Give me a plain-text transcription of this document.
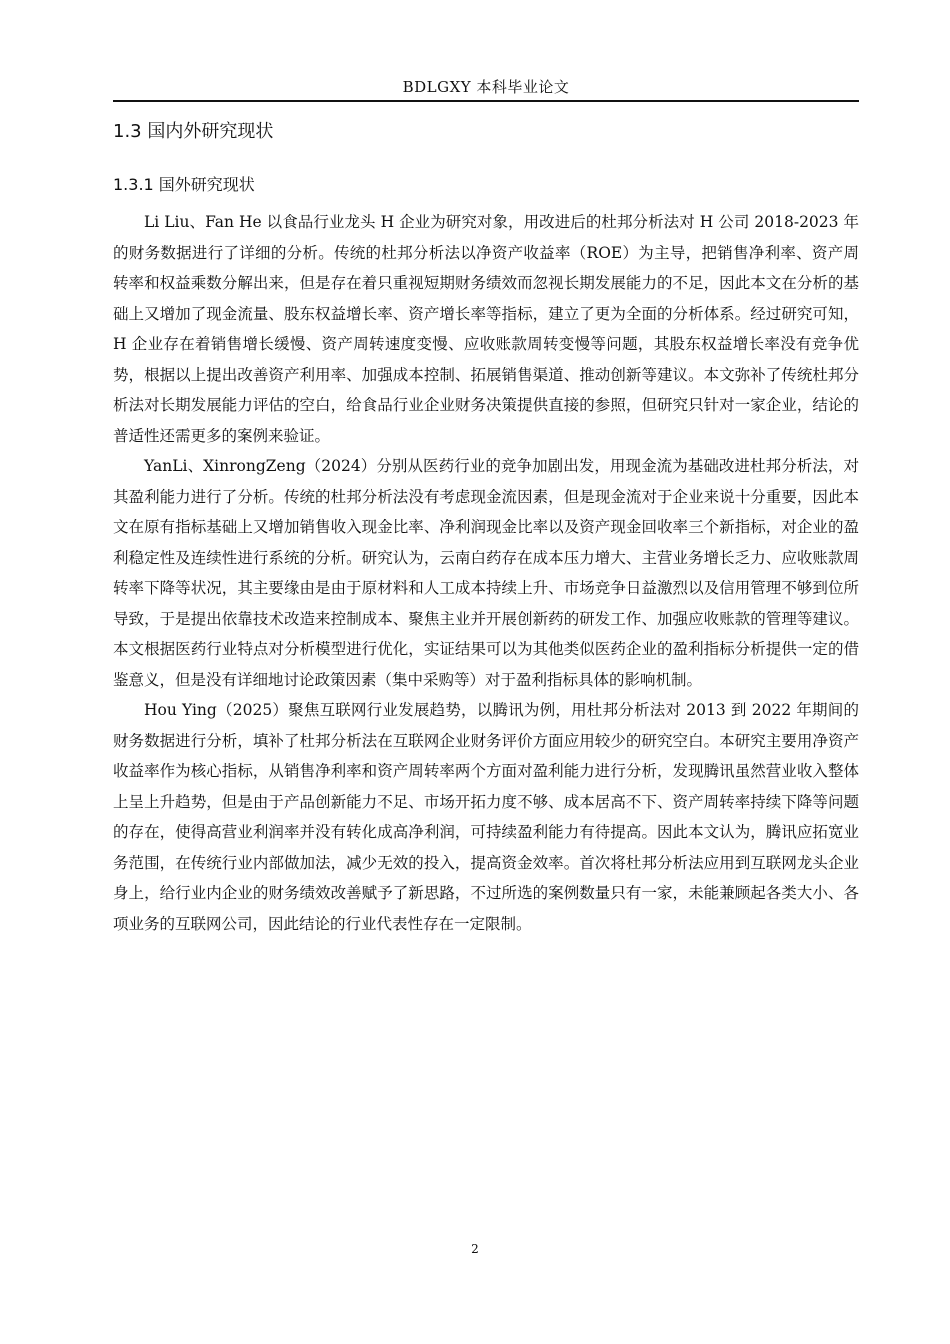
BDLGXY 本科毕业论文
1.3 国内外研究现状
1.3.1 国外研究现状

Li Liu、Fan He 以食品行业龙头 H 企业为研究对象，用改进后的杜邦分析法对 H 公司 2018-2023 年的财务数据进行了详细的分析。传统的杜邦分析法以净资产收益率（ROE）为主导，把销售净利率、资产周转率和权益乘数分解出来，但是存在着只重视短期财务绩效而忽视长期发展能力的不足，因此本文在分析的基础上又增加了现金流量、股东权益增长率、资产增长率等指标，建立了更为全面的分析体系。经过研究可知，H 企业存在着销售增长缓慢、资产周转速度变慢、应收账款周转变慢等问题，其股东权益增长率没有竞争优势，根据以上提出改善资产利用率、加强成本控制、拓展销售渠道、推动创新等建议。本文弥补了传统杜邦分析法对长期发展能力评估的空白，给食品行业企业财务决策提供直接的参照，但研究只针对一家企业，结论的普适性还需更多的案例来验证。

YanLi、XinrongZeng（2024）分别从医药行业的竞争加剧出发，用现金流为基础改进杜邦分析法，对其盈利能力进行了分析。传统的杜邦分析法没有考虑现金流因素，但是现金流对于企业来说十分重要，因此本文在原有指标基础上又增加销售收入现金比率、净利润现金比率以及资产现金回收率三个新指标，对企业的盈利稳定性及连续性进行系统的分析。研究认为，云南白药存在成本压力增大、主营业务增长乏力、应收账款周转率下降等状况，其主要缘由是由于原材料和人工成本持续上升、市场竞争日益激烈以及信用管理不够到位所导致，于是提出依靠技术改造来控制成本、聚焦主业并开展创新药的研发工作、加强应收账款的管理等建议。本文根据医药行业特点对分析模型进行优化，实证结果可以为其他类似医药企业的盈利指标分析提供一定的借鉴意义，但是没有详细地讨论政策因素（集中采购等）对于盈利指标具体的影响机制。

Hou Ying（2025）聚焦互联网行业发展趋势，以腾讯为例，用杜邦分析法对 2013 到 2022 年期间的财务数据进行分析，填补了杜邦分析法在互联网企业财务评价方面应用较少的研究空白。本研究主要用净资产收益率作为核心指标，从销售净利率和资产周转率两个方面对盈利能力进行分析，发现腾讯虽然营业收入整体上呈上升趋势，但是由于产品创新能力不足、市场开拓力度不够、成本居高不下、资产周转率持续下降等问题的存在，使得高营业利润率并没有转化成高净利润，可持续盈利能力有待提高。因此本文认为，腾讯应拓宽业务范围，在传统行业内部做加法，减少无效的投入，提高资金效率。首次将杜邦分析法应用到互联网龙头企业身上，给行业内企业的财务绩效改善赋予了新思路，不过所选的案例数量只有一家，未能兼顾起各类大小、各项业务的互联网公司，因此结论的行业代表性存在一定限制。

2
